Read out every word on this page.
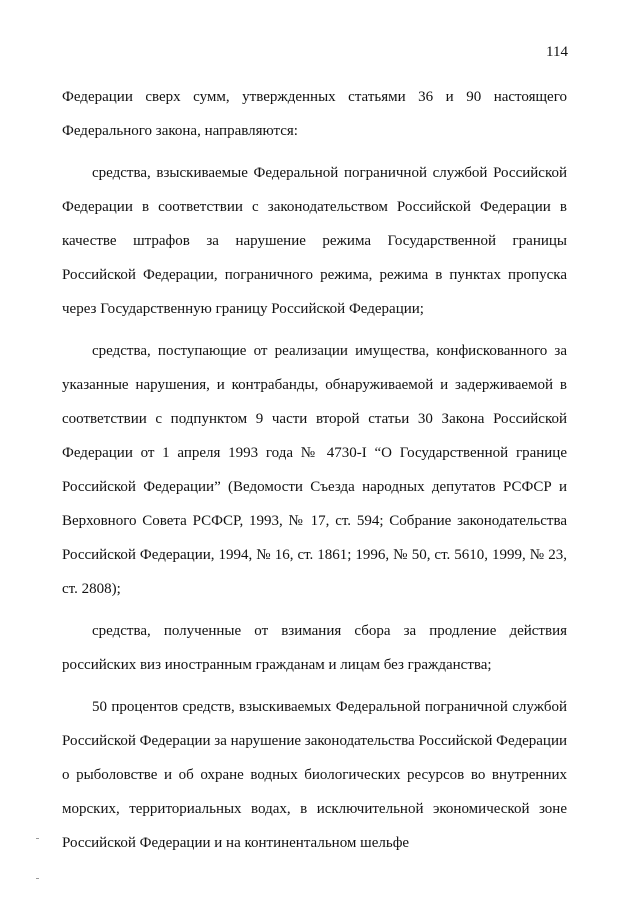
114

Федерации сверх сумм, утвержденных статьями 36 и 90 настоящего Федерального закона, направляются:

средства, взыскиваемые Федеральной пограничной службой Российской Федерации в соответствии с законодательством Российской Федерации в качестве штрафов за нарушение режима Государственной границы Российской Федерации, пограничного режима, режима в пунктах пропуска через Государственную границу Российской Федерации;

средства, поступающие от реализации имущества, конфискованного за указанные нарушения, и контрабанды, обнаруживаемой и задерживаемой в соответствии с подпунктом 9 части второй статьи 30 Закона Российской Федерации от 1 апреля 1993 года № 4730-I “О Государственной границе Российской Федерации” (Ведомости Съезда народных депутатов РСФСР и Верховного Совета РСФСР, 1993, № 17, ст. 594; Собрание законодательства Российской Федерации, 1994, № 16, ст. 1861; 1996, № 50, ст. 5610, 1999, № 23, ст. 2808);

средства, полученные от взимания сбора за продление действия российских виз иностранным гражданам и лицам без гражданства;

50 процентов средств, взыскиваемых Федеральной пограничной службой Российской Федерации за нарушение законодательства Российской Федерации о рыболовстве и об охране водных биологических ресурсов во внутренних морских, территориальных водах, в исключительной экономической зоне Российской Федерации и на континентальном шельфе
